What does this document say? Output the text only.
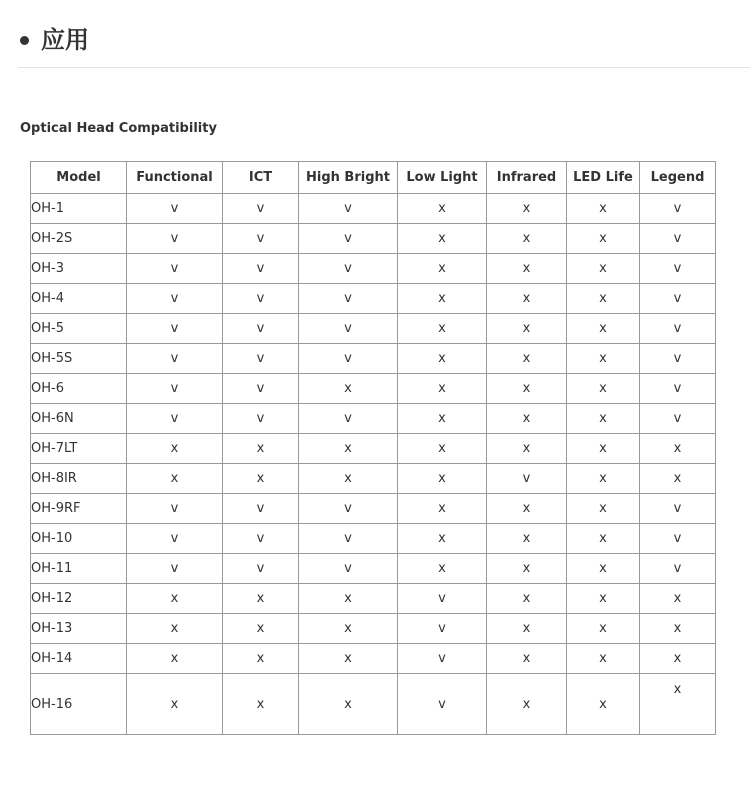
应用
Optical Head Compatibility
Model	Functional	ICT	High Bright	Low Light	Infrared	LED Life	Legend
OH-1	v	v	v	x	x	x	v
OH-2S	v	v	v	x	x	x	v
OH-3	v	v	v	x	x	x	v
OH-4	v	v	v	x	x	x	v
OH-5	v	v	v	x	x	x	v
OH-5S	v	v	v	x	x	x	v
OH-6	v	v	x	x	x	x	v
OH-6N	v	v	v	x	x	x	v
OH-7LT	x	x	x	x	x	x	x
OH-8IR	x	x	x	x	v	x	x
OH-9RF	v	v	v	x	x	x	v
OH-10	v	v	v	x	x	x	v
OH-11	v	v	v	x	x	x	v
OH-12	x	x	x	v	x	x	x
OH-13	x	x	x	v	x	x	x
OH-14	x	x	x	v	x	x	x
OH-16	x	x	x	v	x	x	x
